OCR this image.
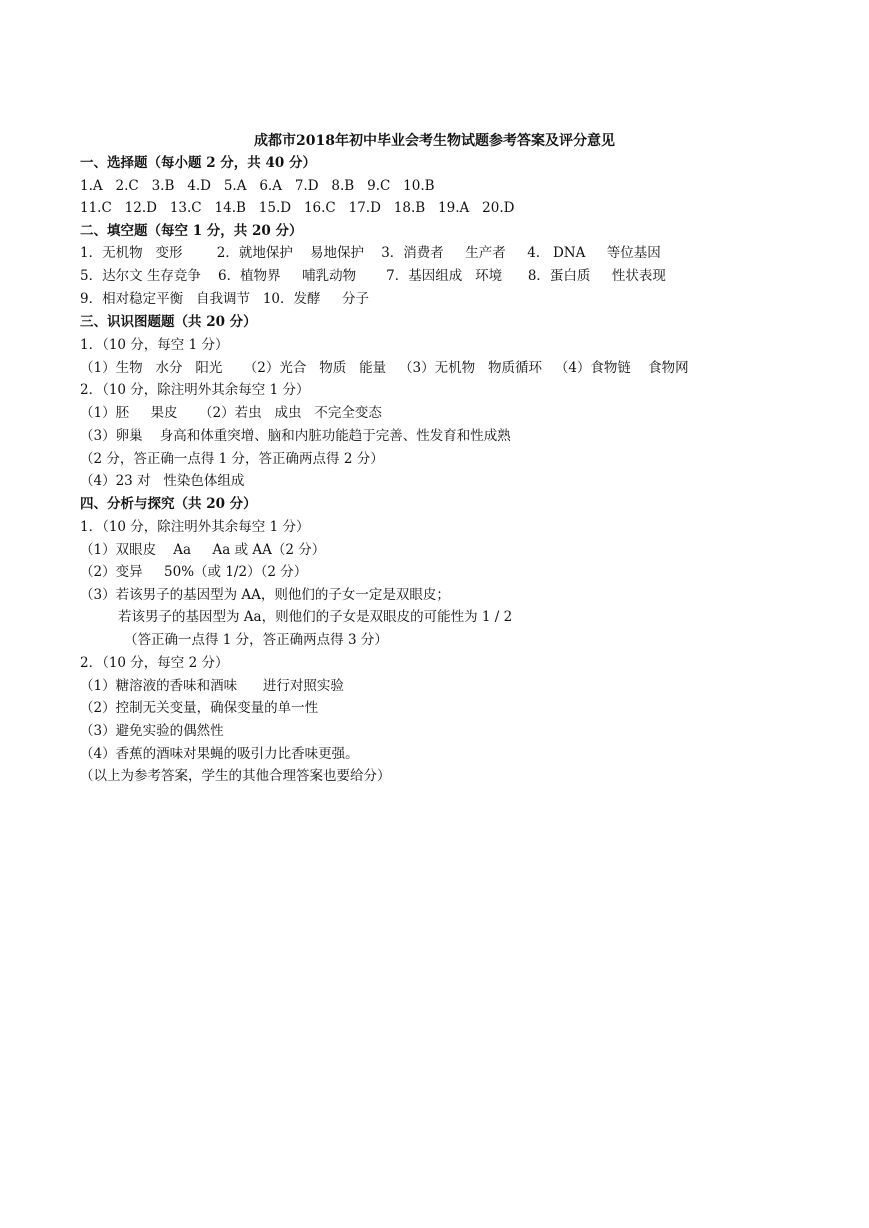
成都市2018年初中毕业会考生物试题参考答案及评分意见
一、选择题（每小题 2 分，共 40 分）
1.A   2.C   3.B   4.D   5.A   6.A   7.D   8.B   9.C   10.B
11.C   12.D   13.C   14.B   15.D   16.C   17.D   18.B   19.A   20.D
二、填空题（每空 1 分，共 20 分）
1．无机物   变形        2．就地保护    易地保护    3．消费者     生产者     4.   DNA     等位基因
5．达尔文 生存竞争    6．植物界     哺乳动物       7．基因组成   环境      8．蛋白质     性状表现
9．相对稳定平衡   自我调节   10．发酵     分子
三、识识图题题（共 20 分）
1．（10 分，每空 1 分）
（1）生物   水分   阳光     （2）光合   物质   能量   （3）无机物   物质循环   （4）食物链    食物网
2．（10 分，除注明外其余每空 1 分）
（1）胚     果皮     （2）若虫   成虫   不完全变态
（3）卵巢    身高和体重突增、脑和内脏功能趋于完善、性发育和性成熟
（2 分，答正确一点得 1 分，答正确两点得 2 分）
（4）23 对   性染色体组成
四、分析与探究（共 20 分）
1．（10 分，除注明外其余每空 1 分）
（1）双眼皮    Aa     Aa 或 AA（2 分）
（2）变异     50%（或 1/2）（2 分）
（3）若该男子的基因型为 AA，则他们的子女一定是双眼皮；
若该男子的基因型为 Aa，则他们的子女是双眼皮的可能性为 1 / 2
（答正确一点得 1 分，答正确两点得 3 分）
2．（10 分，每空 2 分）
（1）糖溶液的香味和酒味      进行对照实验
（2）控制无关变量，确保变量的单一性
（3）避免实验的偶然性
（4）香蕉的酒味对果蝇的吸引力比香味更强。
（以上为参考答案，学生的其他合理答案也要给分）
